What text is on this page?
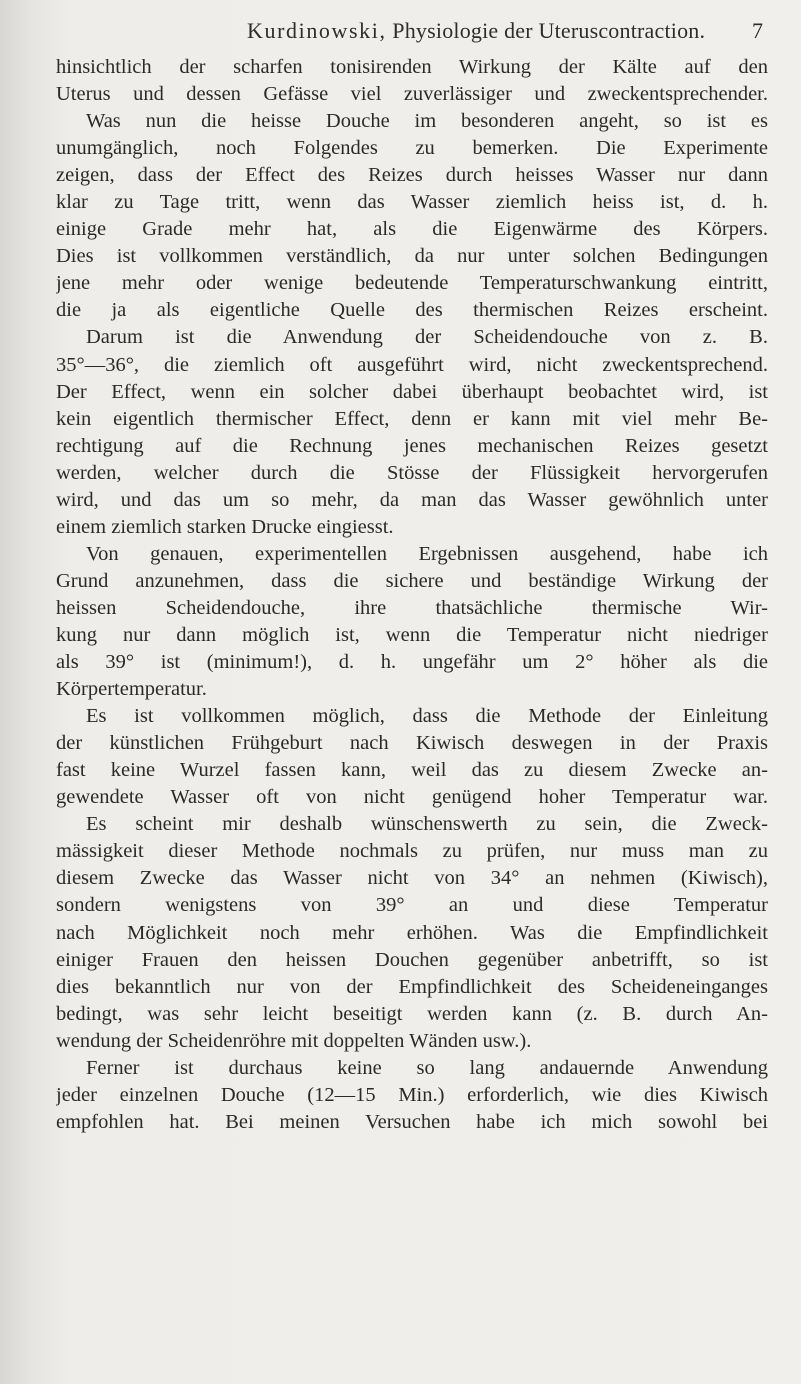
Kurdinowski, Physiologie der Uteruscontraction. 7
hinsichtlich der scharfen tonisirenden Wirkung der Kälte auf den
Uterus und dessen Gefässe viel zuverlässiger und zweckentsprechender.
Was nun die heisse Douche im besonderen angeht, so ist es
unumgänglich, noch Folgendes zu bemerken. Die Experimente
zeigen, dass der Effect des Reizes durch heisses Wasser nur dann
klar zu Tage tritt, wenn das Wasser ziemlich heiss ist, d. h.
einige Grade mehr hat, als die Eigenwärme des Körpers.
Dies ist vollkommen verständlich, da nur unter solchen Bedingungen
jene mehr oder wenige bedeutende Temperaturschwankung eintritt,
die ja als eigentliche Quelle des thermischen Reizes erscheint.
Darum ist die Anwendung der Scheidendouche von z. B.
35°—36°, die ziemlich oft ausgeführt wird, nicht zweckentsprechend.
Der Effect, wenn ein solcher dabei überhaupt beobachtet wird, ist
kein eigentlich thermischer Effect, denn er kann mit viel mehr Be-
rechtigung auf die Rechnung jenes mechanischen Reizes gesetzt
werden, welcher durch die Stösse der Flüssigkeit hervorgerufen
wird, und das um so mehr, da man das Wasser gewöhnlich unter
einem ziemlich starken Drucke eingiesst.
Von genauen, experimentellen Ergebnissen ausgehend, habe ich
Grund anzunehmen, dass die sichere und beständige Wirkung der
heissen Scheidendouche, ihre thatsächliche thermische Wir-
kung nur dann möglich ist, wenn die Temperatur nicht niedriger
als 39° ist (minimum!), d. h. ungefähr um 2° höher als die
Körpertemperatur.
Es ist vollkommen möglich, dass die Methode der Einleitung
der künstlichen Frühgeburt nach Kiwisch deswegen in der Praxis
fast keine Wurzel fassen kann, weil das zu diesem Zwecke an-
gewendete Wasser oft von nicht genügend hoher Temperatur war.
Es scheint mir deshalb wünschenswerth zu sein, die Zweck-
mässigkeit dieser Methode nochmals zu prüfen, nur muss man zu
diesem Zwecke das Wasser nicht von 34° an nehmen (Kiwisch),
sondern wenigstens von 39° an und diese Temperatur
nach Möglichkeit noch mehr erhöhen. Was die Empfindlichkeit
einiger Frauen den heissen Douchen gegenüber anbetrifft, so ist
dies bekanntlich nur von der Empfindlichkeit des Scheideneinganges
bedingt, was sehr leicht beseitigt werden kann (z. B. durch An-
wendung der Scheidenröhre mit doppelten Wänden usw.).
Ferner ist durchaus keine so lang andauernde Anwendung
jeder einzelnen Douche (12—15 Min.) erforderlich, wie dies Kiwisch
empfohlen hat. Bei meinen Versuchen habe ich mich sowohl bei
